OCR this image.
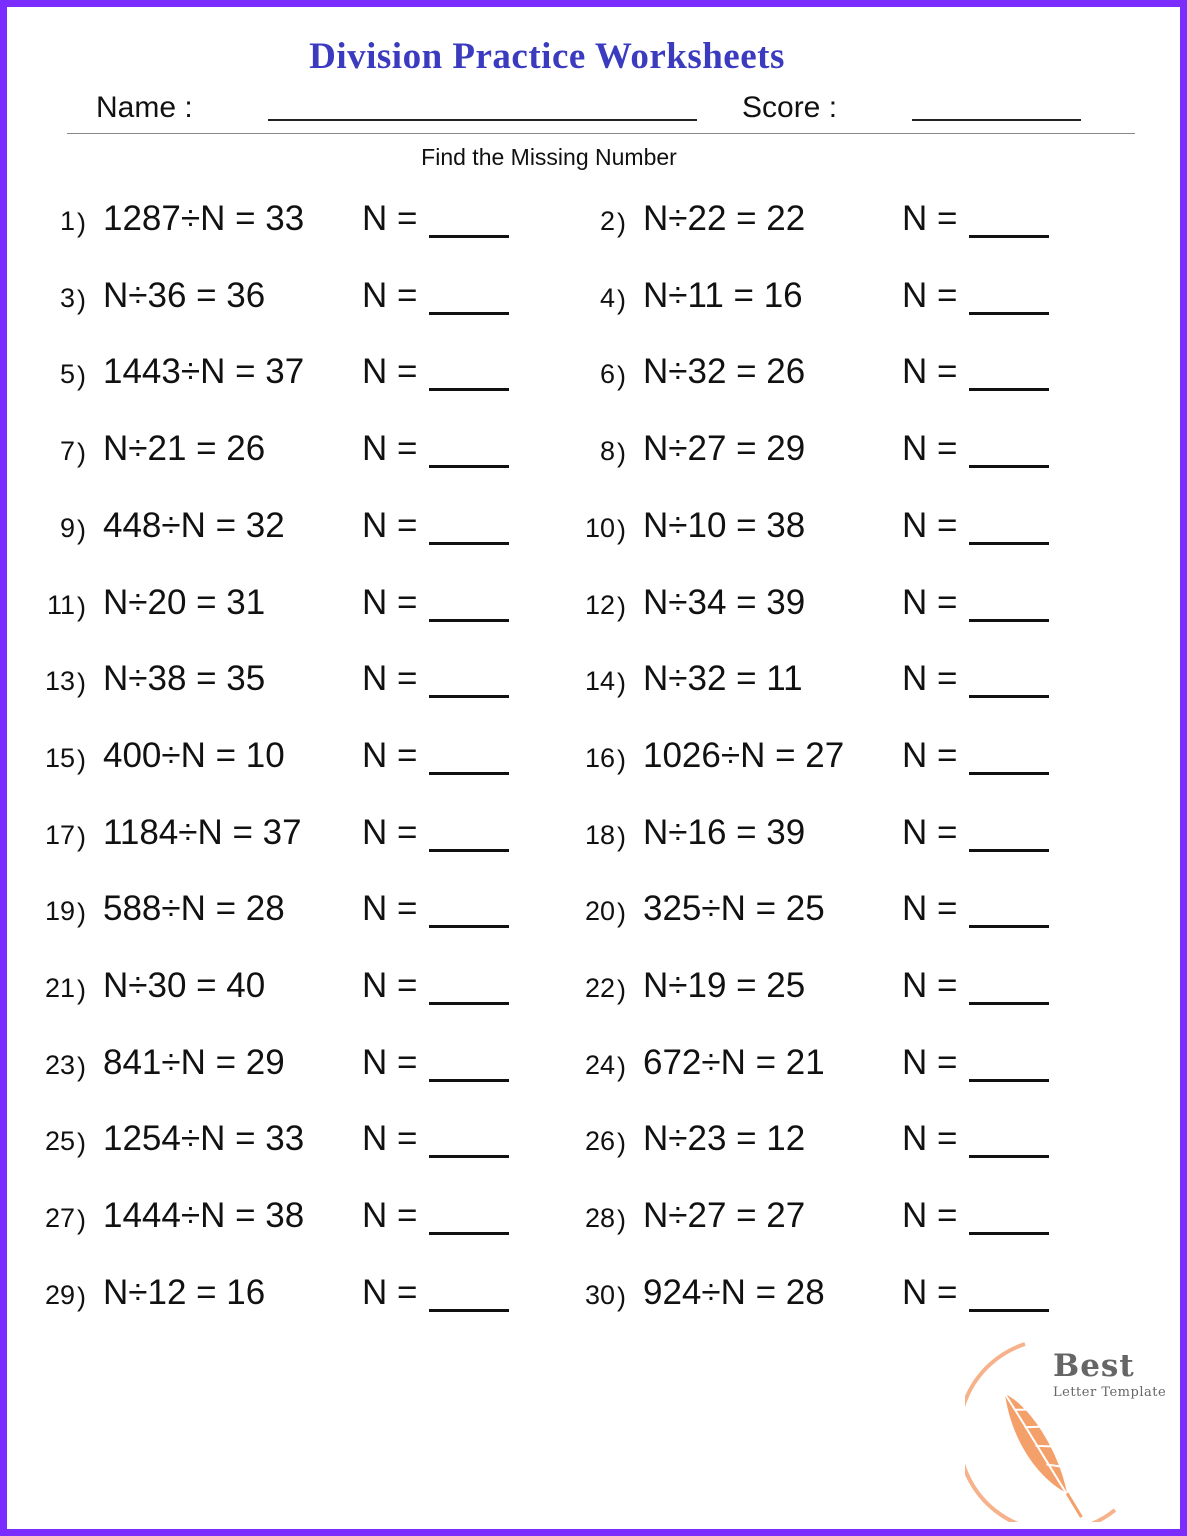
Division Practice Worksheets
Name :	Score :
Find the Missing Number
1 ) 1287÷N = 33 N =	2 ) N÷22 = 22	N =
3 ) N÷36 = 36	N =	4 ) N÷11 = 16	N =
5 ) 1443÷N = 37 N =	6 ) N÷32 = 26	N =
7 ) N÷21 = 26	N =	8 ) N÷27 = 29	N =
9 ) 448÷N = 32 N =	10 ) N÷10 = 38	N =
11 ) N÷20 = 31	N =	12 ) N÷34 = 39	N =
13 ) N÷38 = 35	N =	14 ) N÷32 = 11	N =
15 ) 400÷N = 10 N =	16 ) 1026÷N = 27 N =
17 ) 1184÷N = 37 N =	18 ) N÷16 = 39	N =
19 ) 588÷N = 28 N =	20 ) 325÷N = 25 N =
21 ) N÷30 = 40	N =	22 ) N÷19 = 25	N =
23 ) 841÷N = 29 N =	24 ) 672÷N = 21 N =
25 ) 1254÷N = 33 N =	26 ) N÷23 = 12	N =
27 ) 1444÷N = 38 N =	28 ) N÷27 = 27	N =
29 ) N÷12 = 16	N =	30 ) 924÷N = 28 N =
Best
Letter Template
